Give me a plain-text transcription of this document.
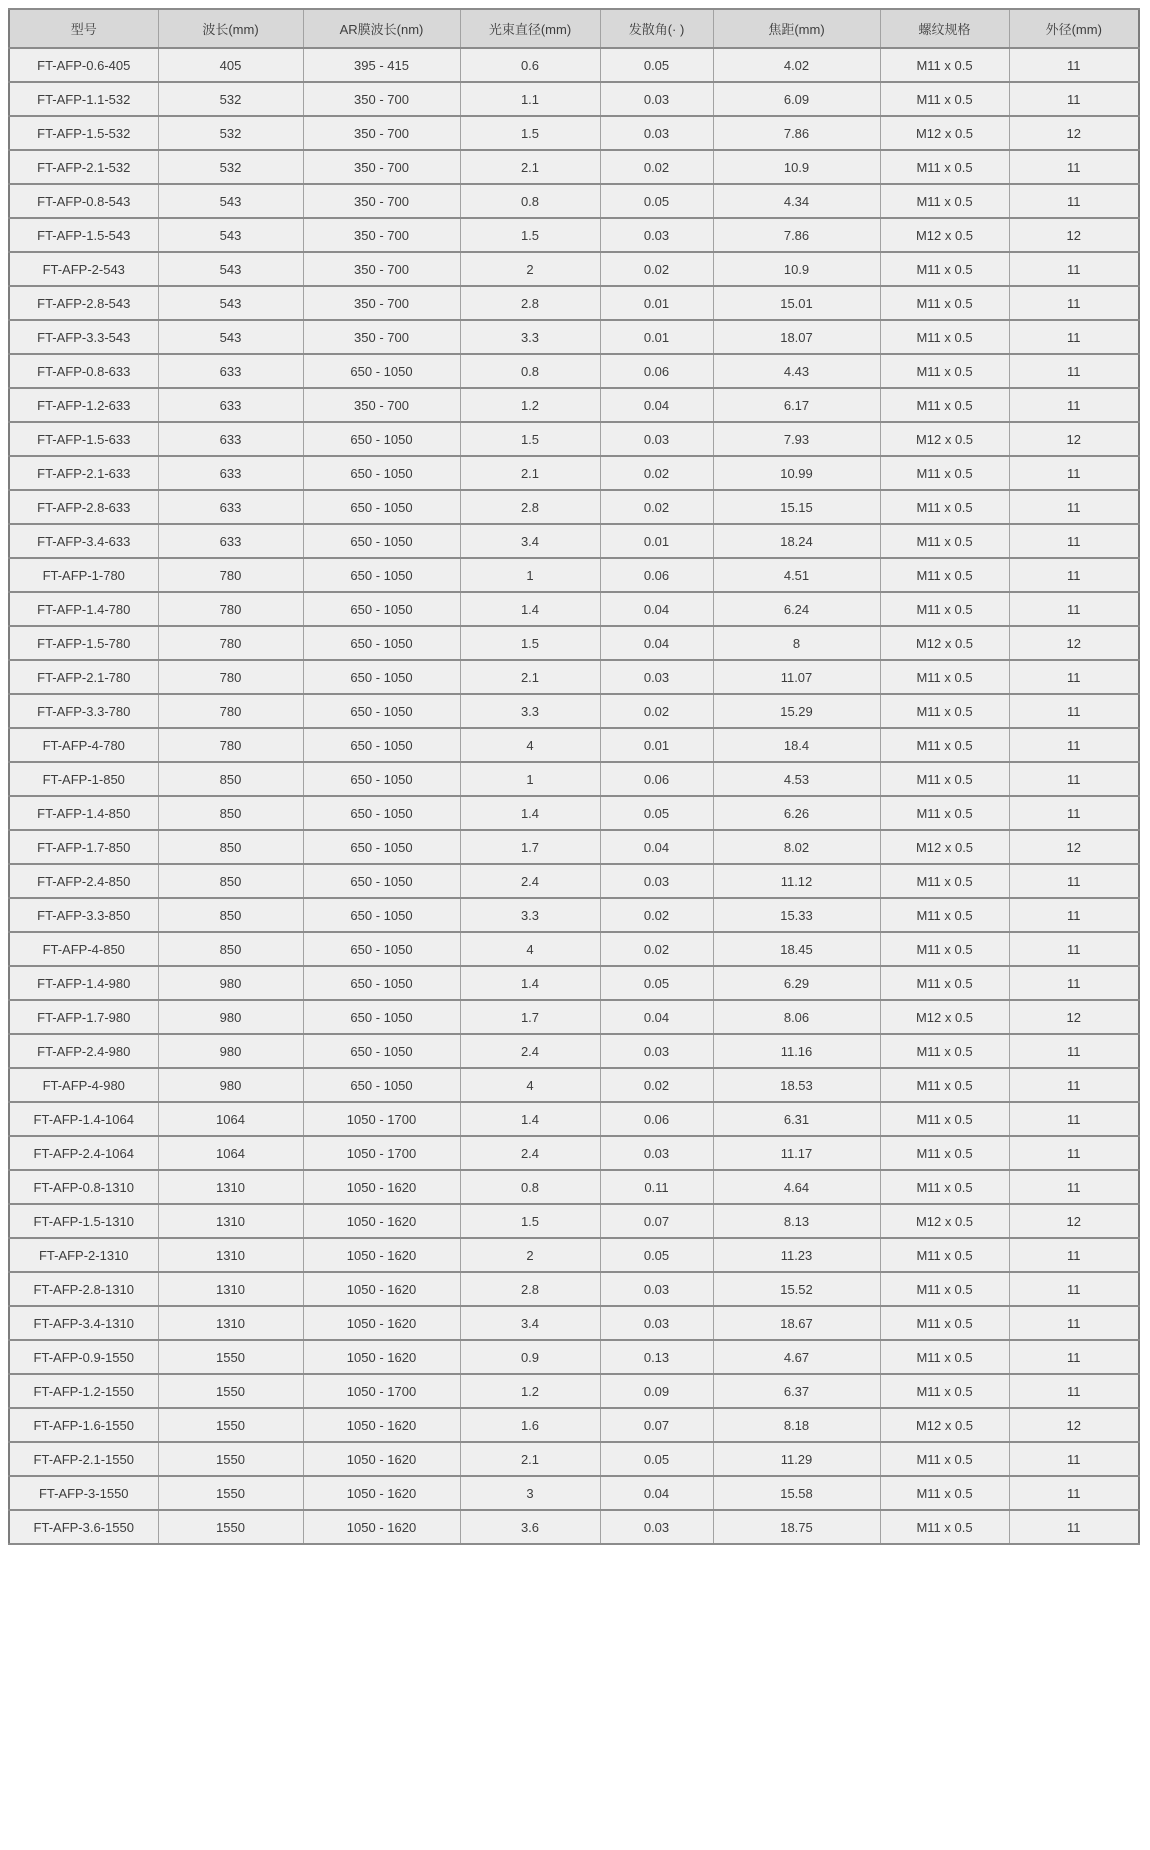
型号	波长(mm)	AR膜波长(nm)	光束直径(mm)	发散角(· )	焦距(mm)	螺纹规格	外径(mm)
FT-AFP-0.6-405	405	395 - 415	0.6	0.05	4.02	M11 x 0.5	11
FT-AFP-1.1-532	532	350 - 700	1.1	0.03	6.09	M11 x 0.5	11
FT-AFP-1.5-532	532	350 - 700	1.5	0.03	7.86	M12 x 0.5	12
FT-AFP-2.1-532	532	350 - 700	2.1	0.02	10.9	M11 x 0.5	11
FT-AFP-0.8-543	543	350 - 700	0.8	0.05	4.34	M11 x 0.5	11
FT-AFP-1.5-543	543	350 - 700	1.5	0.03	7.86	M12 x 0.5	12
FT-AFP-2-543	543	350 - 700	2	0.02	10.9	M11 x 0.5	11
FT-AFP-2.8-543	543	350 - 700	2.8	0.01	15.01	M11 x 0.5	11
FT-AFP-3.3-543	543	350 - 700	3.3	0.01	18.07	M11 x 0.5	11
FT-AFP-0.8-633	633	650 - 1050	0.8	0.06	4.43	M11 x 0.5	11
FT-AFP-1.2-633	633	350 - 700	1.2	0.04	6.17	M11 x 0.5	11
FT-AFP-1.5-633	633	650 - 1050	1.5	0.03	7.93	M12 x 0.5	12
FT-AFP-2.1-633	633	650 - 1050	2.1	0.02	10.99	M11 x 0.5	11
FT-AFP-2.8-633	633	650 - 1050	2.8	0.02	15.15	M11 x 0.5	11
FT-AFP-3.4-633	633	650 - 1050	3.4	0.01	18.24	M11 x 0.5	11
FT-AFP-1-780	780	650 - 1050	1	0.06	4.51	M11 x 0.5	11
FT-AFP-1.4-780	780	650 - 1050	1.4	0.04	6.24	M11 x 0.5	11
FT-AFP-1.5-780	780	650 - 1050	1.5	0.04	8	M12 x 0.5	12
FT-AFP-2.1-780	780	650 - 1050	2.1	0.03	11.07	M11 x 0.5	11
FT-AFP-3.3-780	780	650 - 1050	3.3	0.02	15.29	M11 x 0.5	11
FT-AFP-4-780	780	650 - 1050	4	0.01	18.4	M11 x 0.5	11
FT-AFP-1-850	850	650 - 1050	1	0.06	4.53	M11 x 0.5	11
FT-AFP-1.4-850	850	650 - 1050	1.4	0.05	6.26	M11 x 0.5	11
FT-AFP-1.7-850	850	650 - 1050	1.7	0.04	8.02	M12 x 0.5	12
FT-AFP-2.4-850	850	650 - 1050	2.4	0.03	11.12	M11 x 0.5	11
FT-AFP-3.3-850	850	650 - 1050	3.3	0.02	15.33	M11 x 0.5	11
FT-AFP-4-850	850	650 - 1050	4	0.02	18.45	M11 x 0.5	11
FT-AFP-1.4-980	980	650 - 1050	1.4	0.05	6.29	M11 x 0.5	11
FT-AFP-1.7-980	980	650 - 1050	1.7	0.04	8.06	M12 x 0.5	12
FT-AFP-2.4-980	980	650 - 1050	2.4	0.03	11.16	M11 x 0.5	11
FT-AFP-4-980	980	650 - 1050	4	0.02	18.53	M11 x 0.5	11
FT-AFP-1.4-1064	1064	1050 - 1700	1.4	0.06	6.31	M11 x 0.5	11
FT-AFP-2.4-1064	1064	1050 - 1700	2.4	0.03	11.17	M11 x 0.5	11
FT-AFP-0.8-1310	1310	1050 - 1620	0.8	0.11	4.64	M11 x 0.5	11
FT-AFP-1.5-1310	1310	1050 - 1620	1.5	0.07	8.13	M12 x 0.5	12
FT-AFP-2-1310	1310	1050 - 1620	2	0.05	11.23	M11 x 0.5	11
FT-AFP-2.8-1310	1310	1050 - 1620	2.8	0.03	15.52	M11 x 0.5	11
FT-AFP-3.4-1310	1310	1050 - 1620	3.4	0.03	18.67	M11 x 0.5	11
FT-AFP-0.9-1550	1550	1050 - 1620	0.9	0.13	4.67	M11 x 0.5	11
FT-AFP-1.2-1550	1550	1050 - 1700	1.2	0.09	6.37	M11 x 0.5	11
FT-AFP-1.6-1550	1550	1050 - 1620	1.6	0.07	8.18	M12 x 0.5	12
FT-AFP-2.1-1550	1550	1050 - 1620	2.1	0.05	11.29	M11 x 0.5	11
FT-AFP-3-1550	1550	1050 - 1620	3	0.04	15.58	M11 x 0.5	11
FT-AFP-3.6-1550	1550	1050 - 1620	3.6	0.03	18.75	M11 x 0.5	11
